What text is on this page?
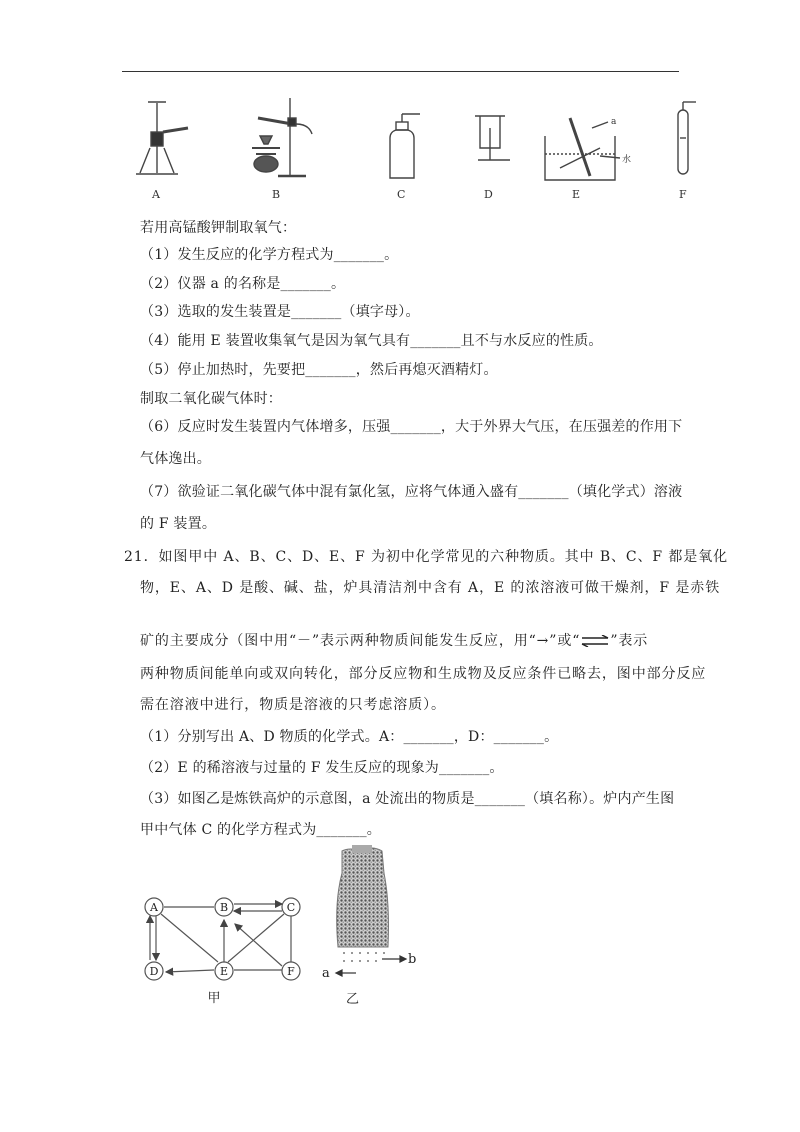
A	B	C	D	E	F
a
水
若用高锰酸钾制取氧气：
（1）发生反应的化学方程式为_______。
（2）仪器 a 的名称是_______。
（3）选取的发生装置是_______（填字母）。
（4）能用 E 装置收集氧气是因为氧气具有_______且不与水反应的性质。
（5）停止加热时，先要把_______，然后再熄灭酒精灯。
制取二氧化碳气体时：
（6）反应时发生装置内气体增多，压强_______，大于外界大气压，在压强差的作用下
气体逸出。
（7）欲验证二氧化碳气体中混有氯化氢，应将气体通入盛有_______（填化学式）溶液
的 F 装置。
21．如图甲中 A、B、C、D、E、F 为初中化学常见的六种物质。其中 B、C、F 都是氧化
物，E、A、D 是酸、碱、盐，炉具清洁剂中含有 A，E 的浓溶液可做干燥剂，F 是赤铁
矿的主要成分（图中用“－”表示两种物质间能发生反应，用“→”或“ ”表示
两种物质间能单向或双向转化，部分反应物和生成物及反应条件已略去，图中部分反应
需在溶液中进行，物质是溶液的只考虑溶质）。
（1）分别写出 A、D 物质的化学式。A：_______，D：_______。
（2）E 的稀溶液与过量的 F 发生反应的现象为_______。
（3）如图乙是炼铁高炉的示意图，a 处流出的物质是_______（填名称）。炉内产生图
甲中气体 C 的化学方程式为_______。
A	B	C
D	E	F
甲
b
a
乙
